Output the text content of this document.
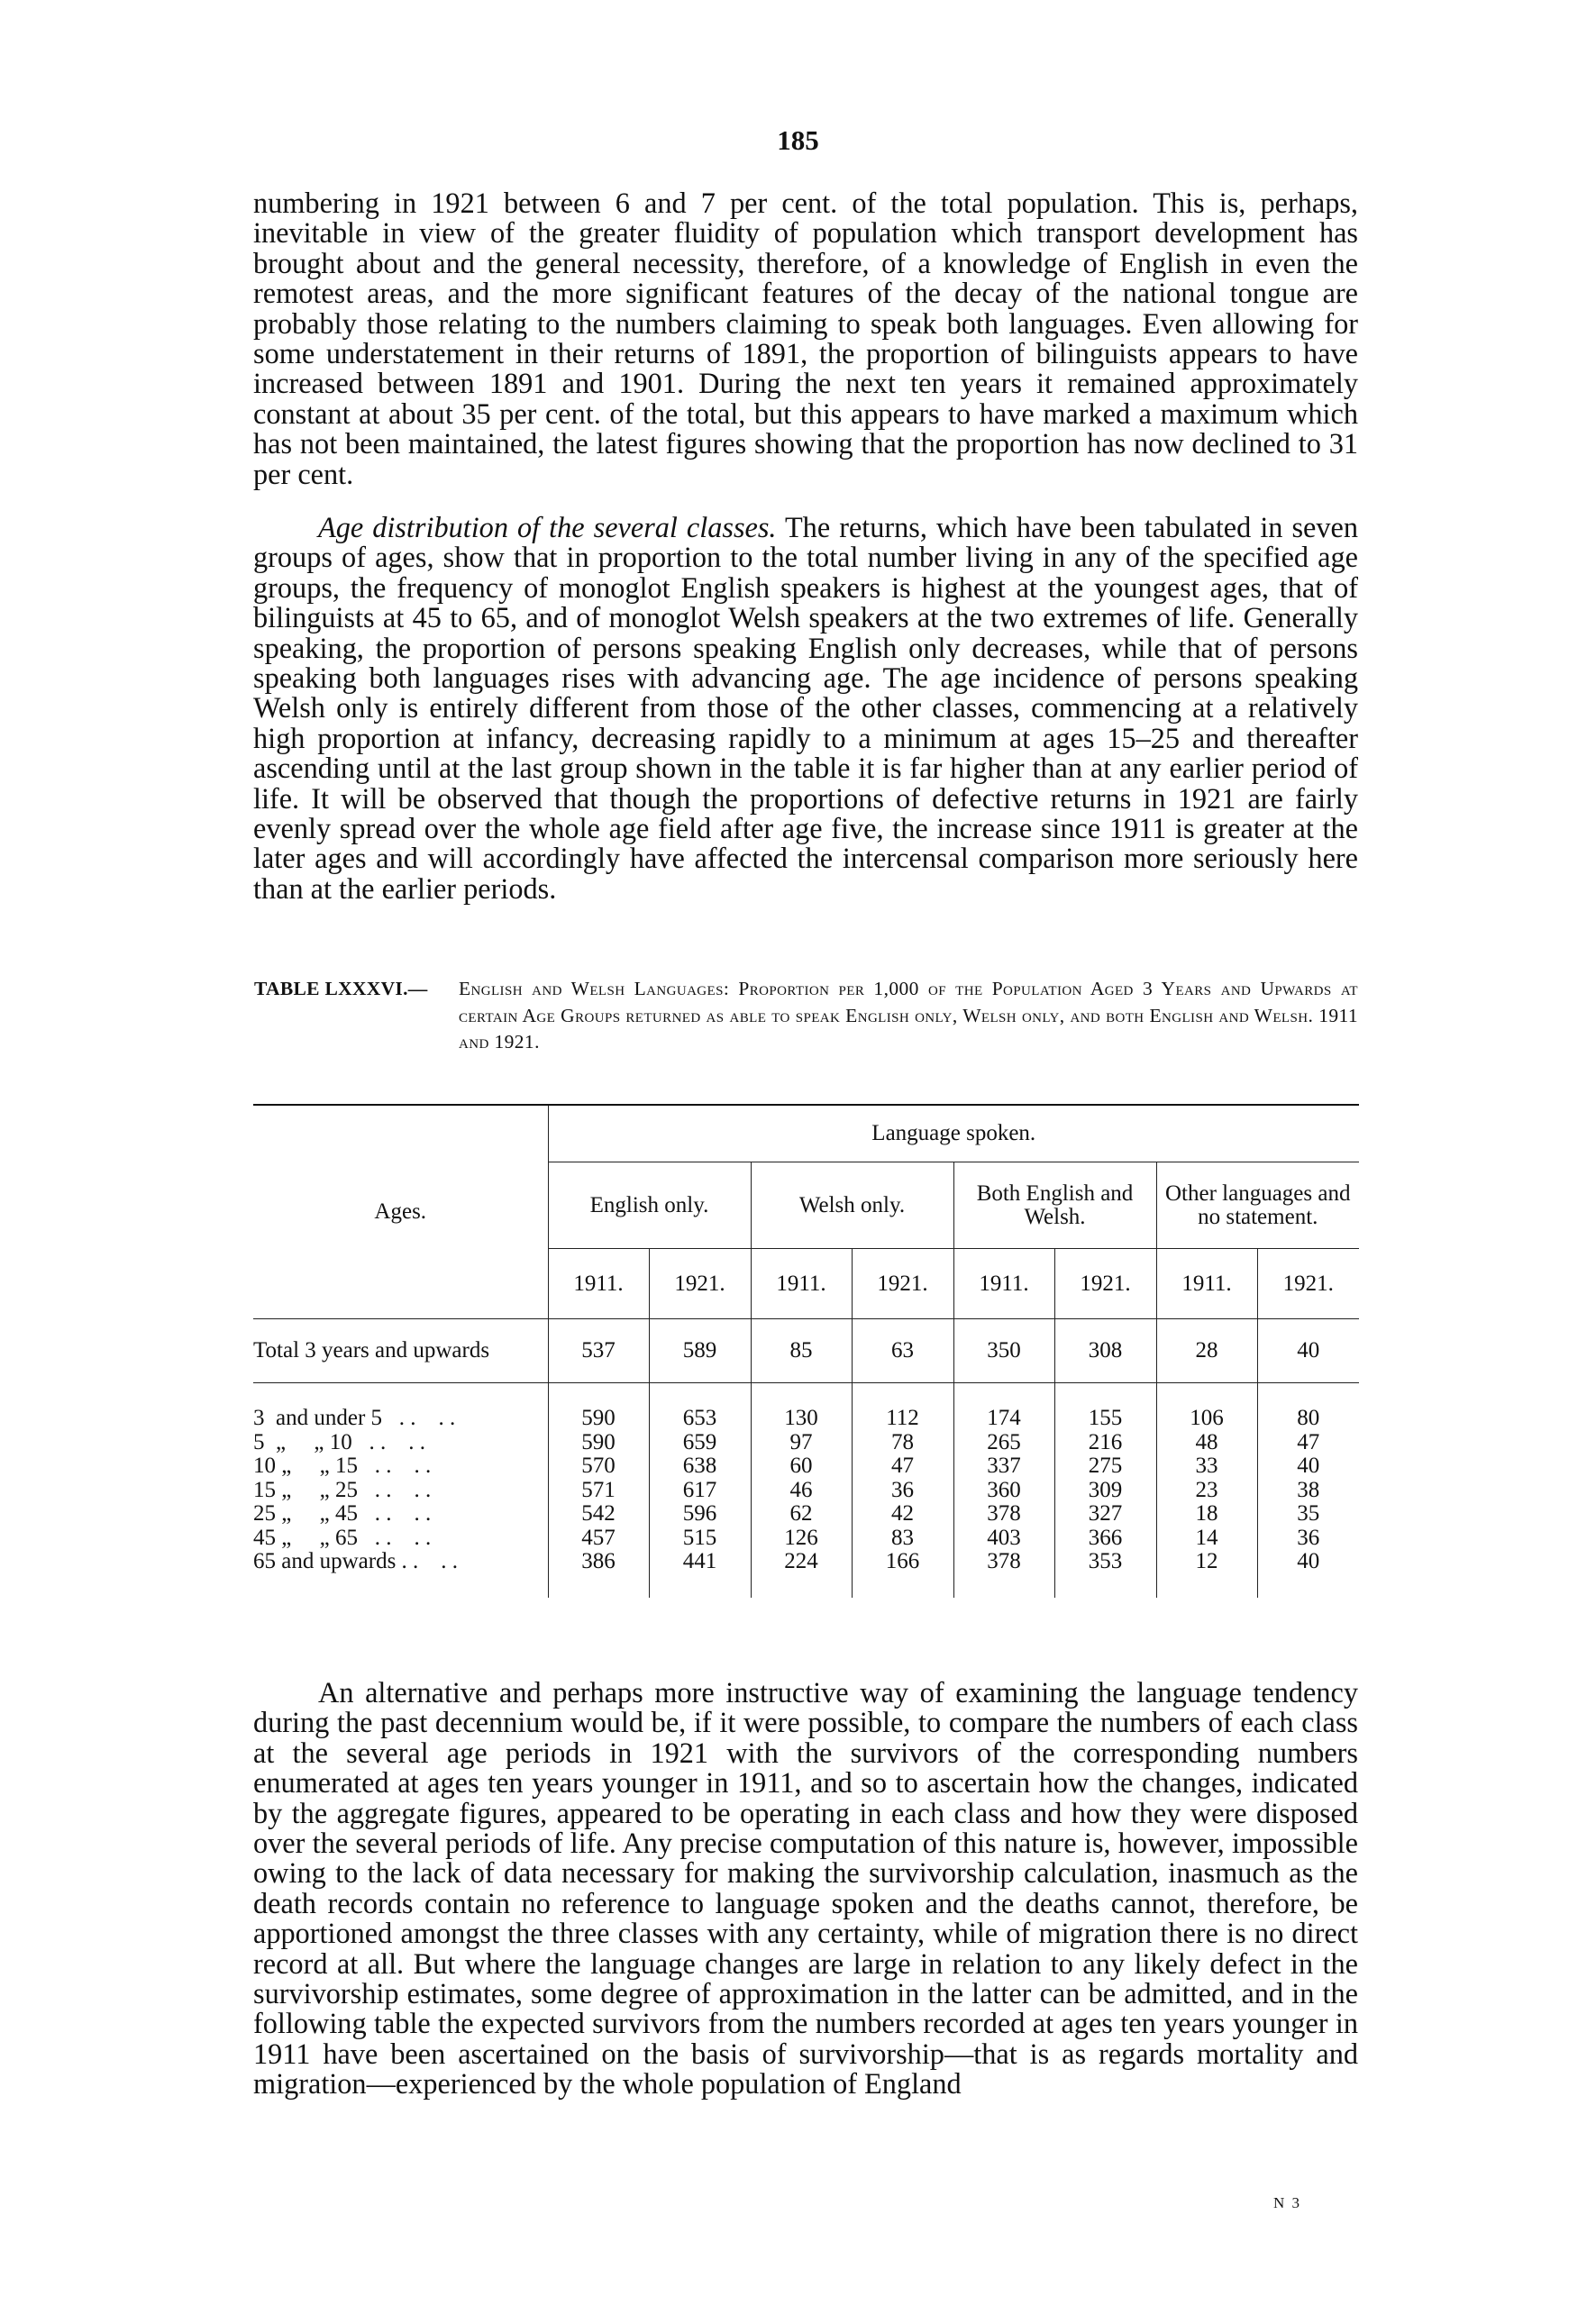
185

numbering in 1921 between 6 and 7 per cent. of the total population. This is, perhaps, inevitable in view of the greater fluidity of population which transport development has brought about and the general necessity, therefore, of a knowledge of English in even the remotest areas, and the more significant features of the decay of the national tongue are probably those relating to the numbers claiming to speak both languages. Even allowing for some understatement in their returns of 1891, the proportion of bilinguists appears to have increased between 1891 and 1901. During the next ten years it remained approximately constant at about 35 per cent. of the total, but this appears to have marked a maximum which has not been maintained, the latest figures showing that the proportion has now declined to 31 per cent.

Age distribution of the several classes. The returns, which have been tabulated in seven groups of ages, show that in proportion to the total number living in any of the specified age groups, the frequency of monoglot English speakers is highest at the youngest ages, that of bilinguists at 45 to 65, and of monoglot Welsh speakers at the two extremes of life. Generally speaking, the proportion of persons speaking English only decreases, while that of persons speaking both languages rises with advancing age. The age incidence of persons speaking Welsh only is entirely different from those of the other classes, commencing at a relatively high proportion at infancy, decreasing rapidly to a minimum at ages 15–25 and thereafter ascending until at the last group shown in the table it is far higher than at any earlier period of life. It will be observed that though the proportions of defective returns in 1921 are fairly evenly spread over the whole age field after age five, the increase since 1911 is greater at the later ages and will accordingly have affected the intercensal comparison more seriously here than at the earlier periods.

TABLE LXXXVI.—	English and Welsh Languages: Proportion per 1,000 of the Population Aged 3 Years and Upwards at certain Age Groups returned as able to speak English only, Welsh only, and both English and Welsh. 1911 and 1921.
Ages.	Language spoken.							
	English only.		Welsh only.		Both English and Welsh.		Other languages and no statement.	
	1911.	1921.	1911.	1921.	1911.	1921.	1911.	1921.
Total 3 years and upwards	537	589	85	63	350	308	28	40
3  and under 5   . .    . .	590	653	130	112	174	155	106	80
5  „     „ 10   . .    . .	590	659	97	78	265	216	48	47
10 „     „ 15   . .    . .	570	638	60	47	337	275	33	40
15 „     „ 25   . .    . .	571	617	46	36	360	309	23	38
25 „     „ 45   . .    . .	542	596	62	42	378	327	18	35
45 „     „ 65   . .    . .	457	515	126	83	403	366	14	36
65 and upwards . .    . .	386	441	224	166	378	353	12	40

An alternative and perhaps more instructive way of examining the language tendency during the past decennium would be, if it were possible, to compare the numbers of each class at the several age periods in 1921 with the survivors of the corresponding numbers enumerated at ages ten years younger in 1911, and so to ascertain how the changes, indicated by the aggregate figures, appeared to be operating in each class and how they were disposed over the several periods of life. Any precise computation of this nature is, however, impossible owing to the lack of data necessary for making the survivorship calculation, inasmuch as the death records contain no reference to language spoken and the deaths cannot, therefore, be apportioned amongst the three classes with any certainty, while of migration there is no direct record at all. But where the language changes are large in relation to any likely defect in the survivorship estimates, some degree of approximation in the latter can be admitted, and in the following table the expected survivors from the numbers recorded at ages ten years younger in 1911 have been ascertained on the basis of survivorship—that is as regards mortality and migration—experienced by the whole population of England

N 3
